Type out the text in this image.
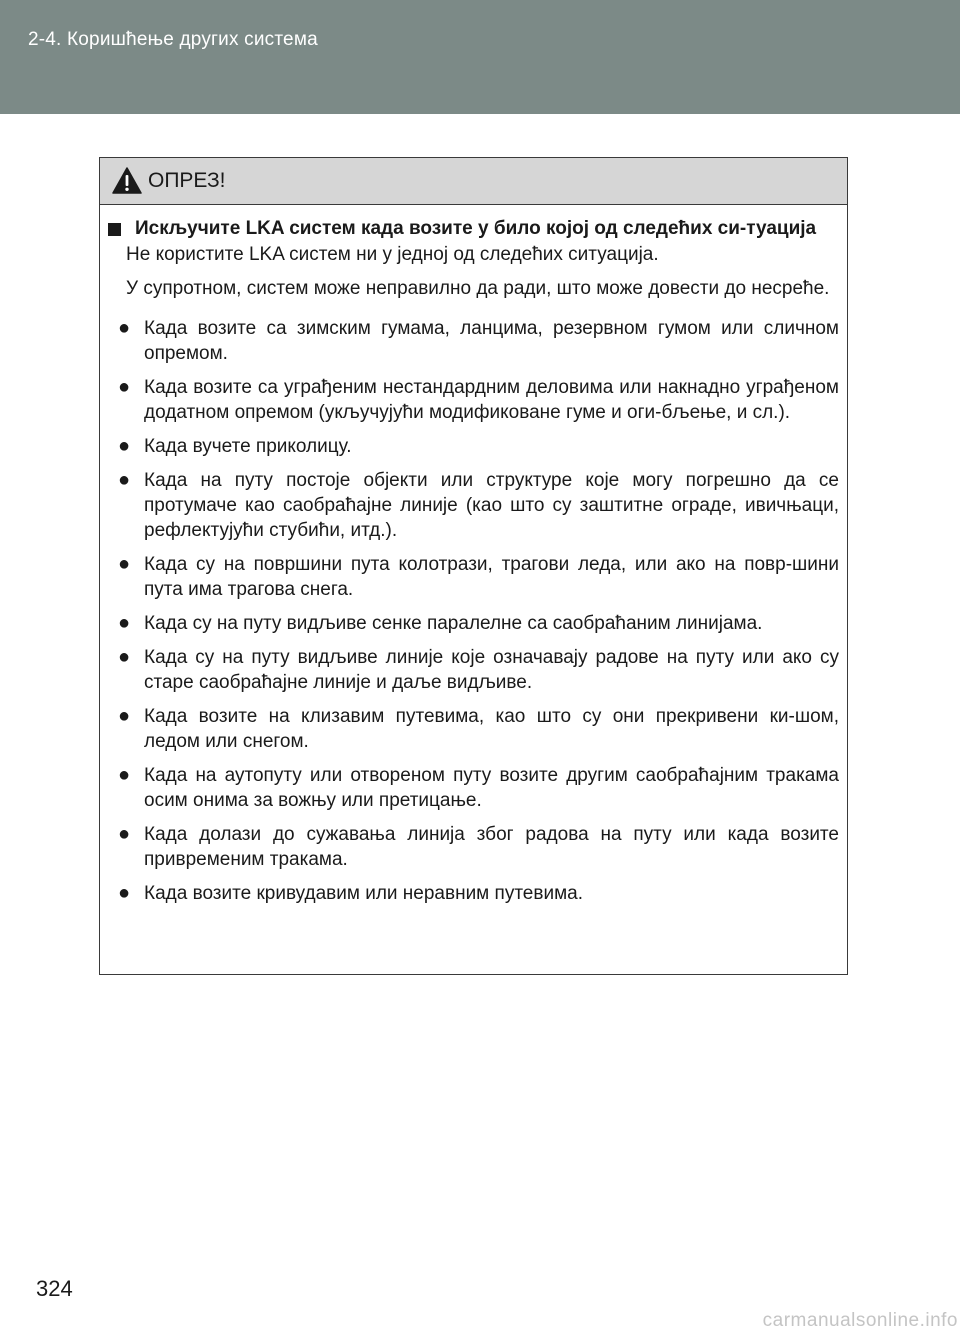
2-4. Коришћење других система
ОПРЕЗ!
Искључите LKA систем када возите у било којој од следећих си-туација
Не користите LKA систем ни у једној од следећих ситуација.
У супротном, систем може неправилно да ради, што може довести до несреће.
● Када возите са зимским гумама, ланцима, резервном гумом или сличном опремом.
● Када возите са уграђеним нестандардним деловима или накнадно уграђеном додатном опремом (укључујући модификоване гуме и оги-бљење, и сл.).
● Када вучете приколицу.
● Када на путу постоје објекти или структуре које могу погрешно да се протумаче као саобраћајне линије (као што су заштитне ограде, ивичњаци, рефлектујући стубићи, итд.).
● Када су на површини пута колотрази, трагови леда, или ако на повр-шини пута има трагова снега.
● Када су на путу видљиве сенке паралелне са саобраћаним линијама.
● Када су на путу видљиве линије које означавају радове на путу или ако су старе саобраћајне линије и даље видљиве.
● Када возите на клизавим путевима, као што су они прекривени ки-шом, ледом или снегом.
● Када на аутопуту или отвореном путу возите другим саобраћајним тракама осим онима за вожњу или претицање.
● Када долази до сужавања линија због радова на путу или када возите привременим тракама.
● Када возите кривудавим или неравним путевима.
324
carmanualsonline.info
